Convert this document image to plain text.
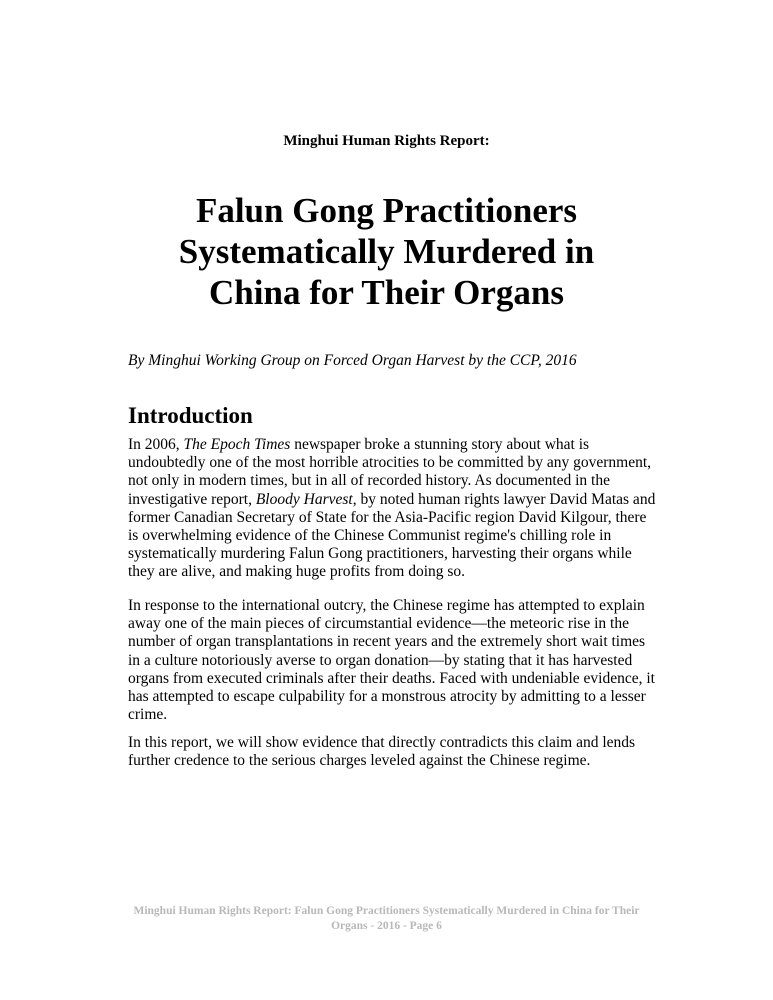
Minghui Human Rights Report:
Falun Gong Practitioners
Systematically Murdered in
China for Their Organs
By Minghui Working Group on Forced Organ Harvest by the CCP, 2016
Introduction
In 2006, The Epoch Times newspaper broke a stunning story about what is
undoubtedly one of the most horrible atrocities to be committed by any government,
not only in modern times, but in all of recorded history. As documented in the
investigative report, Bloody Harvest, by noted human rights lawyer David Matas and
former Canadian Secretary of State for the Asia-Pacific region David Kilgour, there
is overwhelming evidence of the Chinese Communist regime's chilling role in
systematically murdering Falun Gong practitioners, harvesting their organs while
they are alive, and making huge profits from doing so.
In response to the international outcry, the Chinese regime has attempted to explain
away one of the main pieces of circumstantial evidence—the meteoric rise in the
number of organ transplantations in recent years and the extremely short wait times
in a culture notoriously averse to organ donation—by stating that it has harvested
organs from executed criminals after their deaths. Faced with undeniable evidence, it
has attempted to escape culpability for a monstrous atrocity by admitting to a lesser
crime.
In this report, we will show evidence that directly contradicts this claim and lends
further credence to the serious charges leveled against the Chinese regime.
Minghui Human Rights Report: Falun Gong Practitioners Systematically Murdered in China for Their
Organs - 2016 - Page 6
